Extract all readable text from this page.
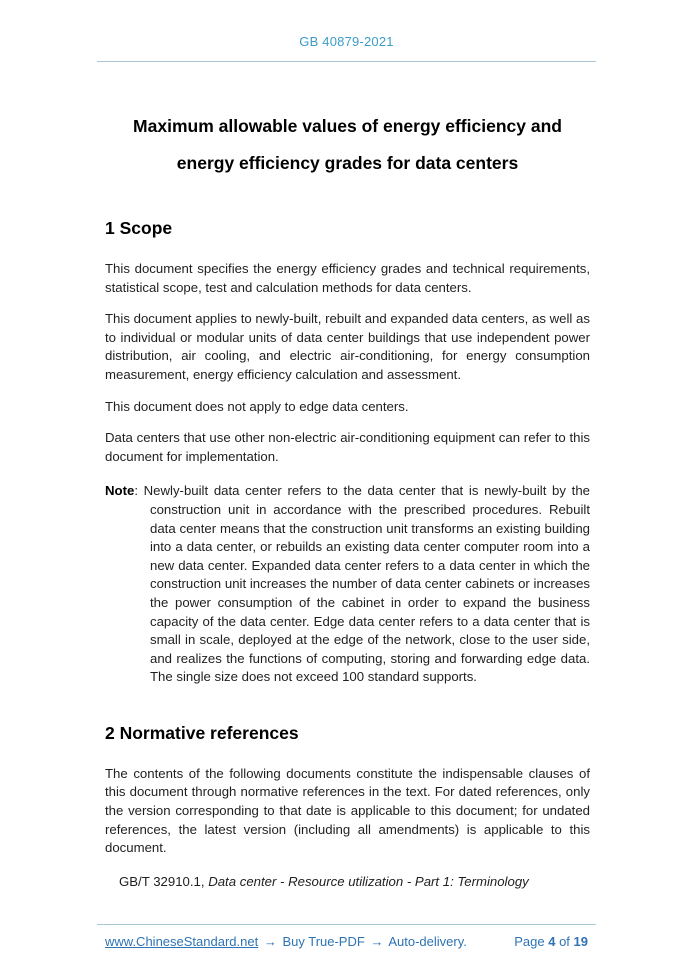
GB 40879-2021
Maximum allowable values of energy efficiency and
energy efficiency grades for data centers
1 Scope

This document specifies the energy efficiency grades and technical requirements, statistical scope, test and calculation methods for data centers.

This document applies to newly-built, rebuilt and expanded data centers, as well as to individual or modular units of data center buildings that use independent power distribution, air cooling, and electric air-conditioning, for energy consumption measurement, energy efficiency calculation and assessment.

This document does not apply to edge data centers.

Data centers that use other non-electric air-conditioning equipment can refer to this document for implementation.

Note: Newly-built data center refers to the data center that is newly-built by the construction unit in accordance with the prescribed procedures. Rebuilt data center means that the construction unit transforms an existing building into a data center, or rebuilds an existing data center computer room into a new data center. Expanded data center refers to a data center in which the construction unit increases the number of data center cabinets or increases the power consumption of the cabinet in order to expand the business capacity of the data center. Edge data center refers to a data center that is small in scale, deployed at the edge of the network, close to the user side, and realizes the functions of computing, storing and forwarding edge data. The single size does not exceed 100 standard supports.
2 Normative references

The contents of the following documents constitute the indispensable clauses of this document through normative references in the text. For dated references, only the version corresponding to that date is applicable to this document; for undated references, the latest version (including all amendments) is applicable to this document.

GB/T 32910.1, Data center - Resource utilization - Part 1: Terminology
www.ChineseStandard.net → Buy True-PDF → Auto-delivery.	Page 4 of 19
